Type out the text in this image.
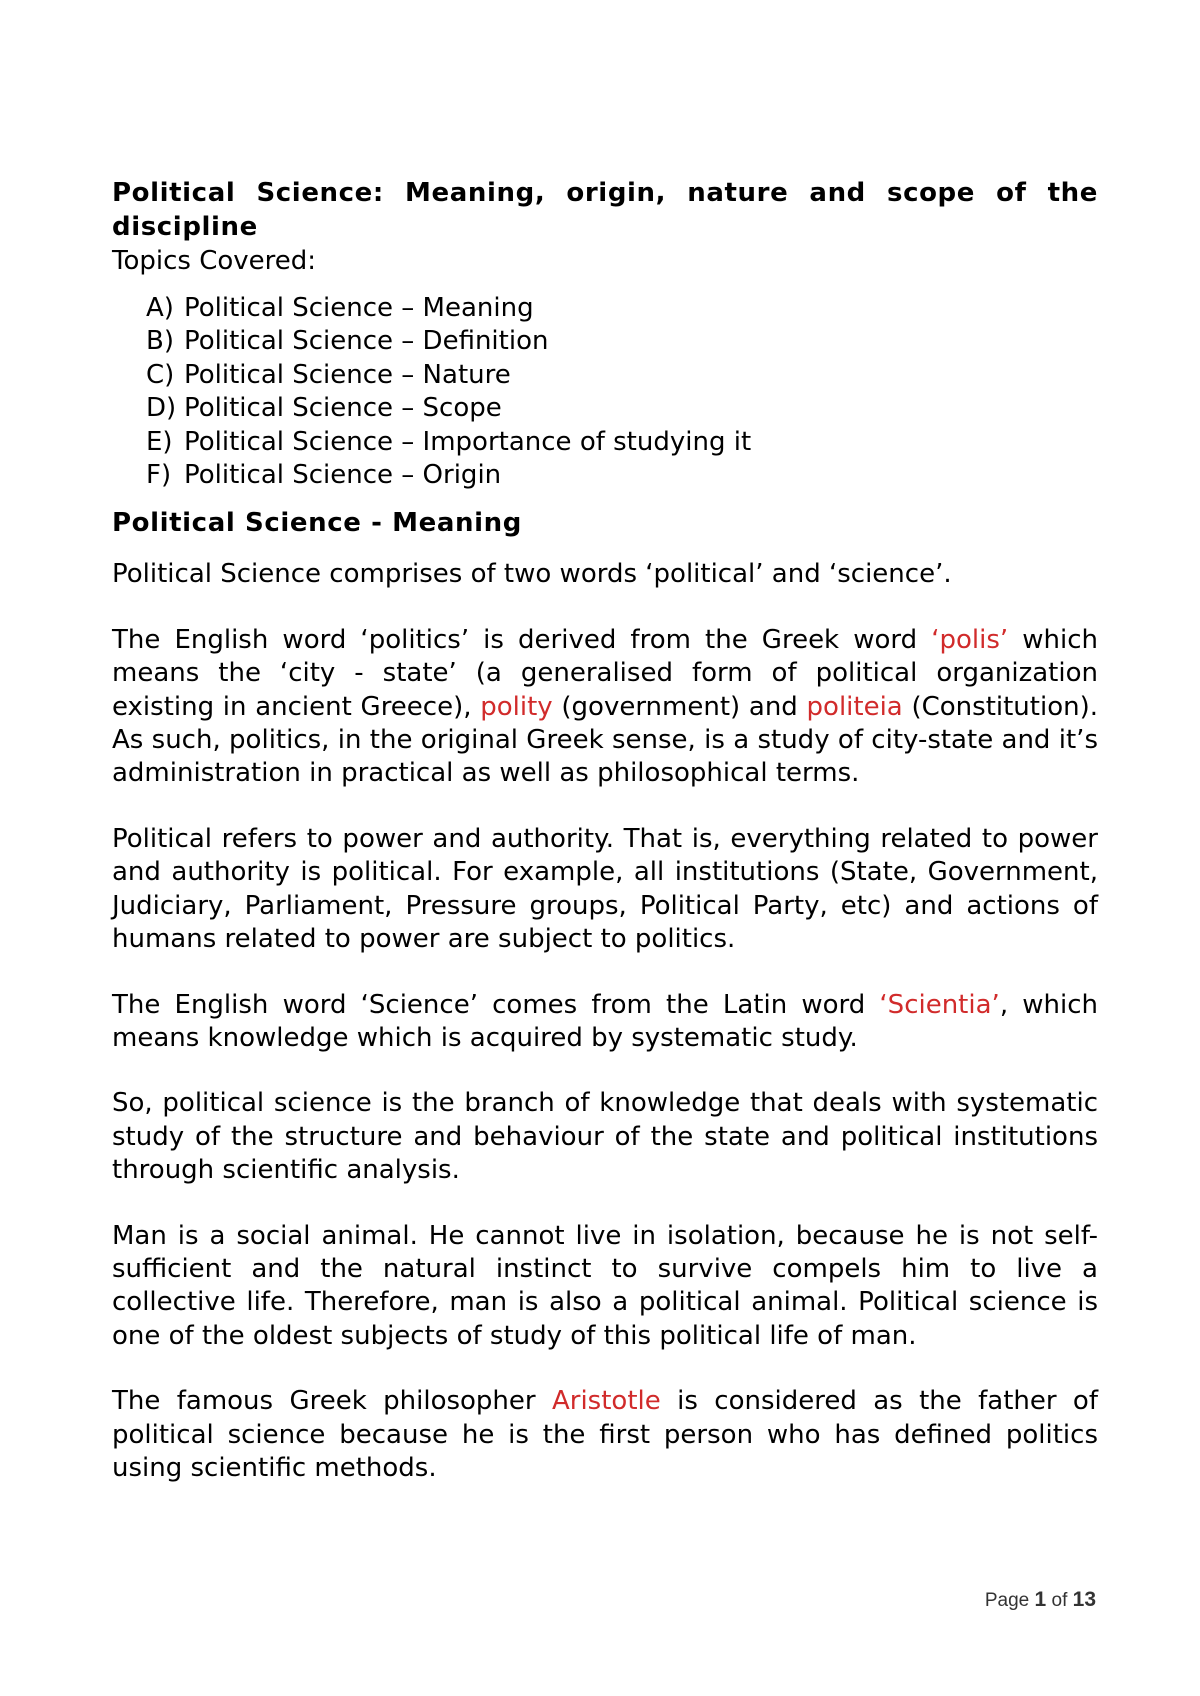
Political Science: Meaning, origin, nature and scope of the discipline

Topics Covered:

A) Political Science – Meaning
B) Political Science – Definition
C) Political Science – Nature
D) Political Science – Scope
E) Political Science – Importance of studying it
F) Political Science – Origin

Political Science - Meaning

Political Science comprises of two words ‘political’ and ‘science’.

The English word ‘politics’ is derived from the Greek word ‘polis’ which means the ‘city - state’ (a generalised form of political organization existing in ancient Greece), polity (government) and politeia (Constitution). As such, politics, in the original Greek sense, is a study of city-state and it’s administration in practical as well as philosophical terms.

Political refers to power and authority. That is, everything related to power and authority is political. For example, all institutions (State, Government, Judiciary, Parliament, Pressure groups, Political Party, etc) and actions of humans related to power are subject to politics.

The English word ‘Science’ comes from the Latin word ‘Scientia’, which means knowledge which is acquired by systematic study.

So, political science is the branch of knowledge that deals with systematic study of the structure and behaviour of the state and political institutions through scientific analysis.

Man is a social animal. He cannot live in isolation, because he is not self-sufficient and the natural instinct to survive compels him to live a collective life. Therefore, man is also a political animal. Political science is one of the oldest subjects of study of this political life of man.

The famous Greek philosopher Aristotle is considered as the father of political science because he is the first person who has defined politics using scientific methods.

Page 1 of 13
